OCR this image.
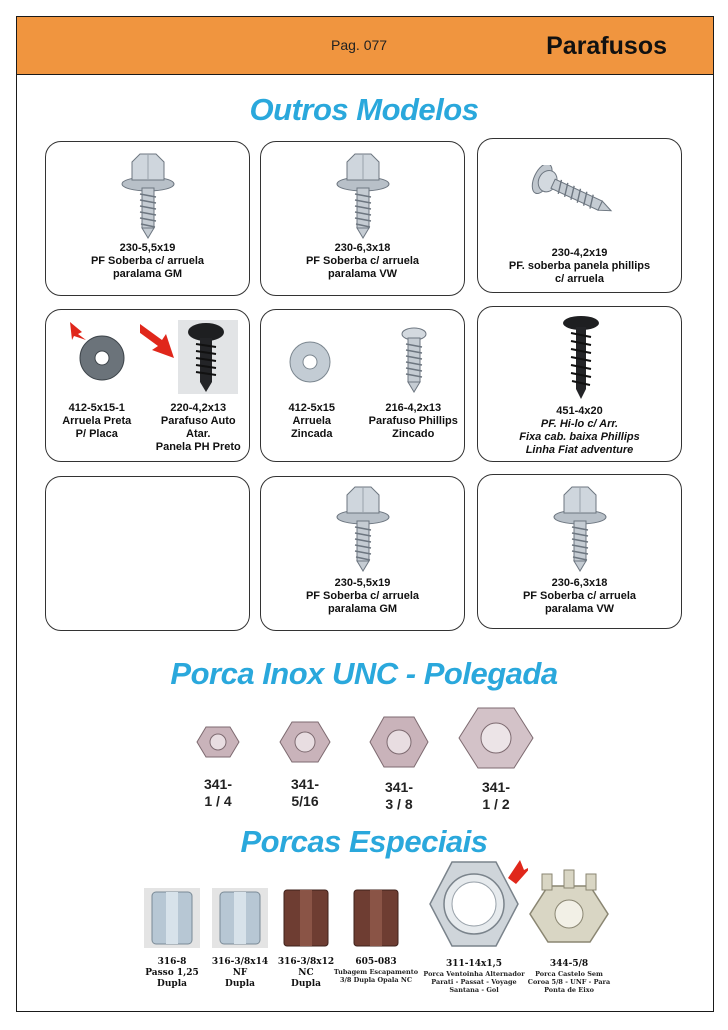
Pag. 077	Parafusos
Outros Modelos
230-5,5x19
PF Soberba c/ arruela
paralama GM
230-6,3x18
PF Soberba c/ arruela
paralama VW
230-4,2x19
PF. soberba panela phillips
c/ arruela
412-5x15-1
Arruela Preta
P/ Placa
220-4,2x13
Parafuso Auto Atar.
Panela PH Preto
412-5x15
Arruela
Zincada
216-4,2x13
Parafuso Phillips
Zincado
451-4x20
PF. Hi-lo c/ Arr.
Fixa cab. baixa Phillips
Linha Fiat adventure
230-5,5x19
PF Soberba c/ arruela
paralama GM
230-6,3x18
PF Soberba c/ arruela
paralama VW
Porca Inox UNC - Polegada
341-
1 / 4
341-
5/16
341-
3 / 8
341-
1 / 2
Porcas Especiais
316-8
Passo 1,25
Dupla
316-3/8x14
NF
Dupla
316-3/8x12
NC
Dupla
605-083
Tubagem Escapamento
3/8 Dupla Opala NC
311-14x1,5
Porca Ventoinha Alternador
Parati - Passat - Voyage
Santana - Gol
344-5/8
Porca Castelo Sem
Coroa 5/8 - UNF - Para
Ponta de Eixo
